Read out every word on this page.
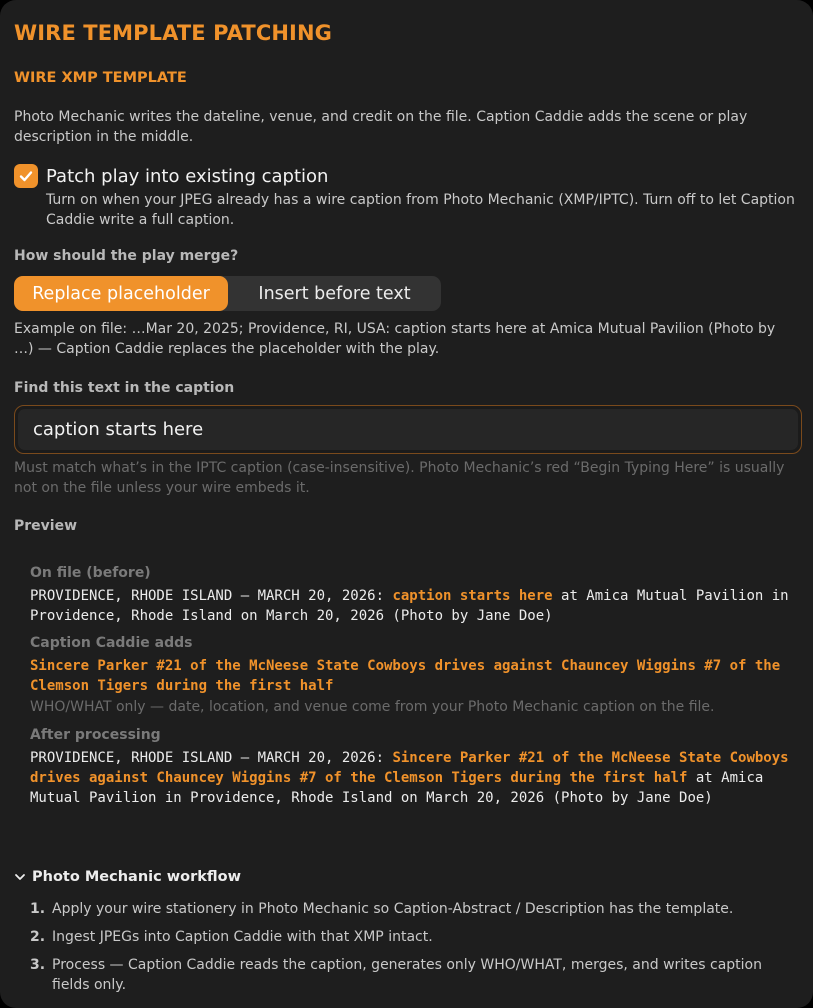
WIRE TEMPLATE PATCHING
WIRE XMP TEMPLATE
Photo Mechanic writes the dateline, venue, and credit on the file. Caption Caddie adds the scene or play description in the middle.
Patch play into existing caption
Turn on when your JPEG already has a wire caption from Photo Mechanic (XMP/IPTC). Turn off to let Caption Caddie write a full caption.
How should the play merge?
Replace placeholder	Insert before text
Example on file: …Mar 20, 2025; Providence, RI, USA: caption starts here at Amica Mutual Pavilion (Photo by …) — Caption Caddie replaces the placeholder with the play.
Find this text in the caption
caption starts here
Must match what’s in the IPTC caption (case-insensitive). Photo Mechanic’s red “Begin Typing Here” is usually not on the file unless your wire embeds it.
Preview
On file (before)
PROVIDENCE, RHODE ISLAND – MARCH 20, 2026: caption starts here at Amica Mutual Pavilion in Providence, Rhode Island on March 20, 2026 (Photo by Jane Doe)
Caption Caddie adds
Sincere Parker #21 of the McNeese State Cowboys drives against Chauncey Wiggins #7 of the Clemson Tigers during the first half
WHO/WHAT only — date, location, and venue come from your Photo Mechanic caption on the file.
After processing
PROVIDENCE, RHODE ISLAND – MARCH 20, 2026: Sincere Parker #21 of the McNeese State Cowboys drives against Chauncey Wiggins #7 of the Clemson Tigers during the first half at Amica Mutual Pavilion in Providence, Rhode Island on March 20, 2026 (Photo by Jane Doe)
Photo Mechanic workflow
1. Apply your wire stationery in Photo Mechanic so Caption-Abstract / Description has the template.
2. Ingest JPEGs into Caption Caddie with that XMP intact.
3. Process — Caption Caddie reads the caption, generates only WHO/WHAT, merges, and writes caption fields only.
